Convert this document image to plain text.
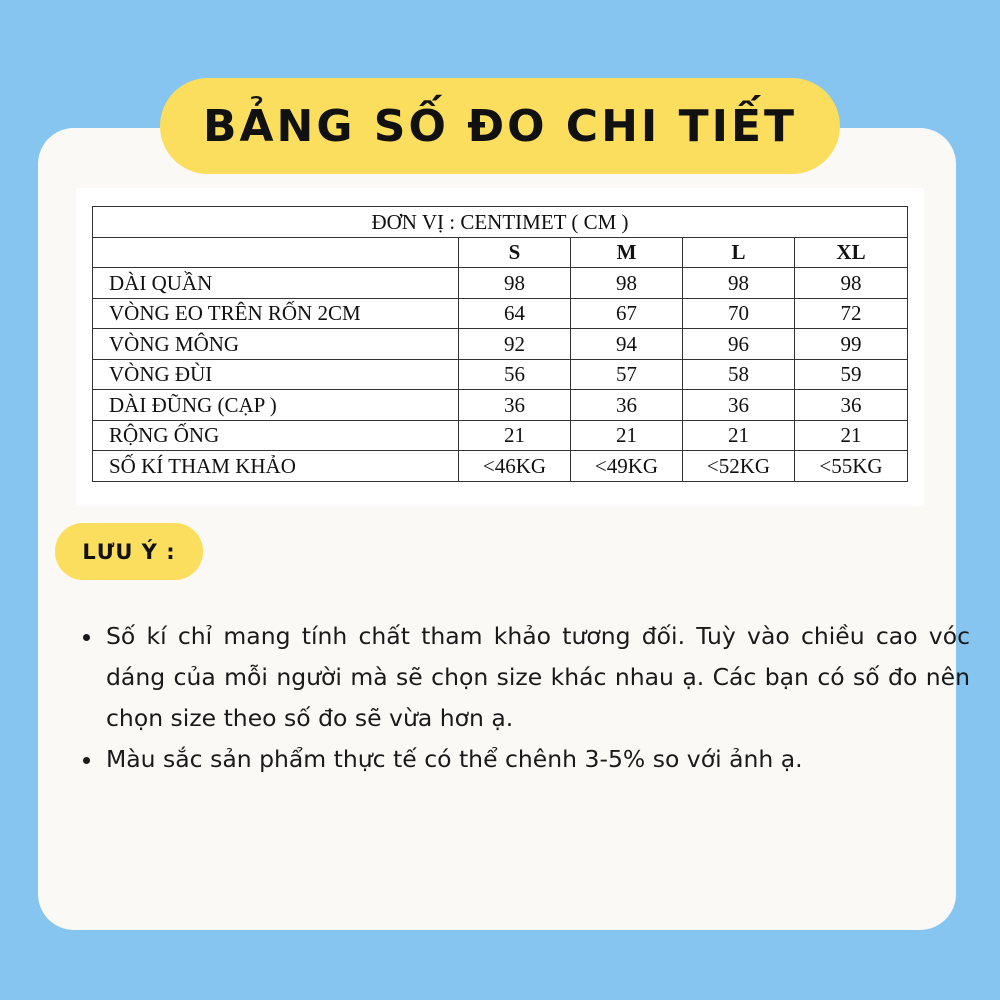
BẢNG SỐ ĐO CHI TIẾT
ĐƠN VỊ : CENTIMET ( CM )				
	S	M	L	XL
DÀI QUẦN	98	98	98	98
VÒNG EO TRÊN RỐN 2CM	64	67	70	72
VÒNG MÔNG	92	94	96	99
VÒNG ĐÙI	56	57	58	59
DÀI ĐŨNG (CẠP )	36	36	36	36
RỘNG ỐNG	21	21	21	21
SỐ KÍ THAM KHẢO	<46KG	<49KG	<52KG	<55KG
LƯU Ý :
• Số kí chỉ mang tính chất tham khảo tương đối. Tuỳ vào chiều cao vóc dáng của mỗi người mà sẽ chọn size khác nhau ạ. Các bạn có số đo nên chọn size theo số đo sẽ vừa hơn ạ.
• Màu sắc sản phẩm thực tế có thể chênh 3-5% so với ảnh ạ.
